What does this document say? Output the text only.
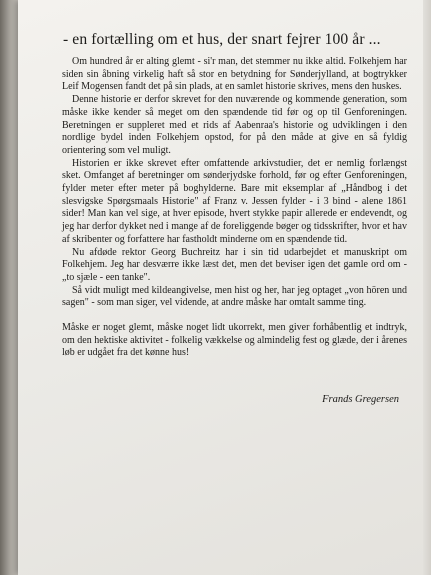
- en fortælling om et hus, der snart fejrer 100 år ...

Om hundred år er alting glemt - si'r man, det stemmer nu ikke altid. Folkehjem har siden sin åbning virkelig haft så stor en betydning for Sønderjylland, at bogtrykker Leif Mogensen fandt det på sin plads, at en samlet historie skrives, mens den huskes.

Denne historie er derfor skrevet for den nuværende og kommende generation, som måske ikke kender så meget om den spændende tid før og op til Genforeningen. Beretningen er suppleret med et rids af Aabenraa's historie og udviklingen i den nordlige bydel inden Folkehjem opstod, for på den måde at give en så fyldig orientering som vel muligt.

Historien er ikke skrevet efter omfattende arkivstudier, det er nemlig forlængst sket. Omfanget af beretninger om sønderjydske forhold, før og efter Genforeningen, fylder meter efter meter på boghylderne. Bare mit eksemplar af „Håndbog i det slesvigske Spørgsmaals Historie" af Franz v. Jessen fylder - i 3 bind - alene 1861 sider! Man kan vel sige, at hver episode, hvert stykke papir allerede er endevendt, og jeg har derfor dykket ned i mange af de foreliggende bøger og tidsskrifter, hvor et hav af skribenter og forfattere har fastholdt minderne om en spændende tid.

Nu afdøde rektor Georg Buchreitz har i sin tid udarbejdet et manuskript om Folkehjem. Jeg har desværre ikke læst det, men det beviser igen det gamle ord om - „to sjæle - een tanke".

Så vidt muligt med kildeangivelse, men hist og her, har jeg optaget „von hören und sagen" - som man siger, vel vidende, at andre måske har omtalt samme ting.

Måske er noget glemt, måske noget lidt ukorrekt, men giver forhåbentlig et indtryk, om den hektiske aktivitet - folkelig vækkelse og almindelig fest og glæde, der i årenes løb er udgået fra det kønne hus!

Frands Gregersen
